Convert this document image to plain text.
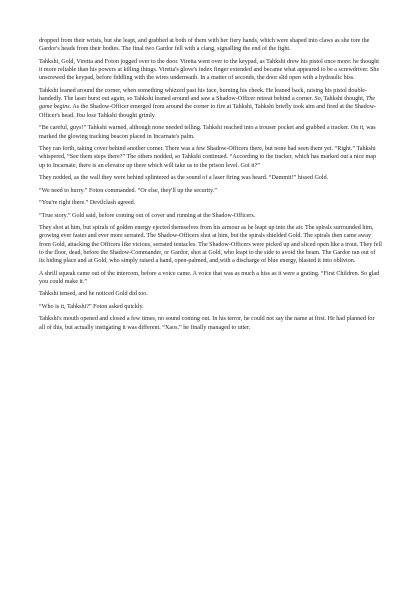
dropped from their wrists, but she leapt, and grabbed at both of them with her fiery hands, which were shaped into claws as she tore the Gardor's heads from their bodies. The final two Gardor fell with a clang, signalling the end of the fight.

Tahkshi, Gold, Viretta and Foton jogged over to the door. Viretta went over to the keypad, as Tahkshi drew his pistol once more: he thought it more reliable than his powers at killing things. Viretta's glove's index finger extended and became what appeared to be a screwdriver. She unscrewed the keypad, before fiddling with the wires underneath. In a matter of seconds, the door slid open with a hydraulic hiss.

Tahkshi leaned around the corner, when something whizzed past his face, burning his cheek. He leaned back, raising his pistol double-handedly. The laser burst out again, so Tahkshi leaned around and saw a Shadow-Officer retreat behind a corner. So, Tahkshi thought, The game begins. As the Shadow-Officer emerged from around the corner to fire at Tahkshi, Tahkshi briefly took aim and fired at the Shadow-Officer's head. You lose Tahkshi thought grimly.

“Be careful, guys!” Tahkshi warned, although none needed telling. Tahkshi reached into a trouser pocket and grabbed a tracker. On it, was marked the glowing tracking beacon placed in Incarnate's palm.

They ran forth, taking cover behind another corner. There was a few Shadow-Officers there, but none had seen them yet. “Right.” Tahkshi whispered, “See them steps there?” The others nodded, so Tahkshi continued. “According to the tracker, which has marked out a nice map up to Incarnate, there is an elevator up there which will take us to the prison level. Got it?”

They nodded, as the wall they were behind splintered as the sound of a laser firing was heard. “Dammit!” hissed Gold.

“We need to hurry.” Foton commanded. “Or else, they'll up the security.”

“You're right there.” Devilclash agreed.

“True story.” Gold said, before coming out of cover and running at the Shadow-Officers.

They shot at him, but spirals of golden energy ejected themselves from his armour as he leapt up into the air. The spirals surrounded him, growing ever faster and ever more serrated. The Shadow-Officers shot at him, but the spirals shielded Gold. The spirals then came away from Gold, attacking the Officers like vicious, serrated tentacles. The Shadow-Officers were picked up and sliced open like a trout. They fell to the floor, dead, before the Shadow-Commander, or Gardor, shot at Gold, who leapt to the side to avoid the beam. The Gardor ran out of its hiding place and at Gold, who simply raised a hand, open-palmed, and,with a discharge of blue energy, blasted it into oblivion.

A shrill squeak came out of the intercom, before a voice came. A voice that was as much a hiss as it were a grating. “First Children. So glad you could make it.”

Tahkshi tensed, and he noticed Gold did too.

“Who is it, Tahkshi?” Foton asked quickly.

Tahkshi's mouth opened and closed a few times, no sound coming out. In his terror, he could not say the name at first. He had planned for all of this, but actually instigating it was different. “Xaos.” he finally managed to utter.
